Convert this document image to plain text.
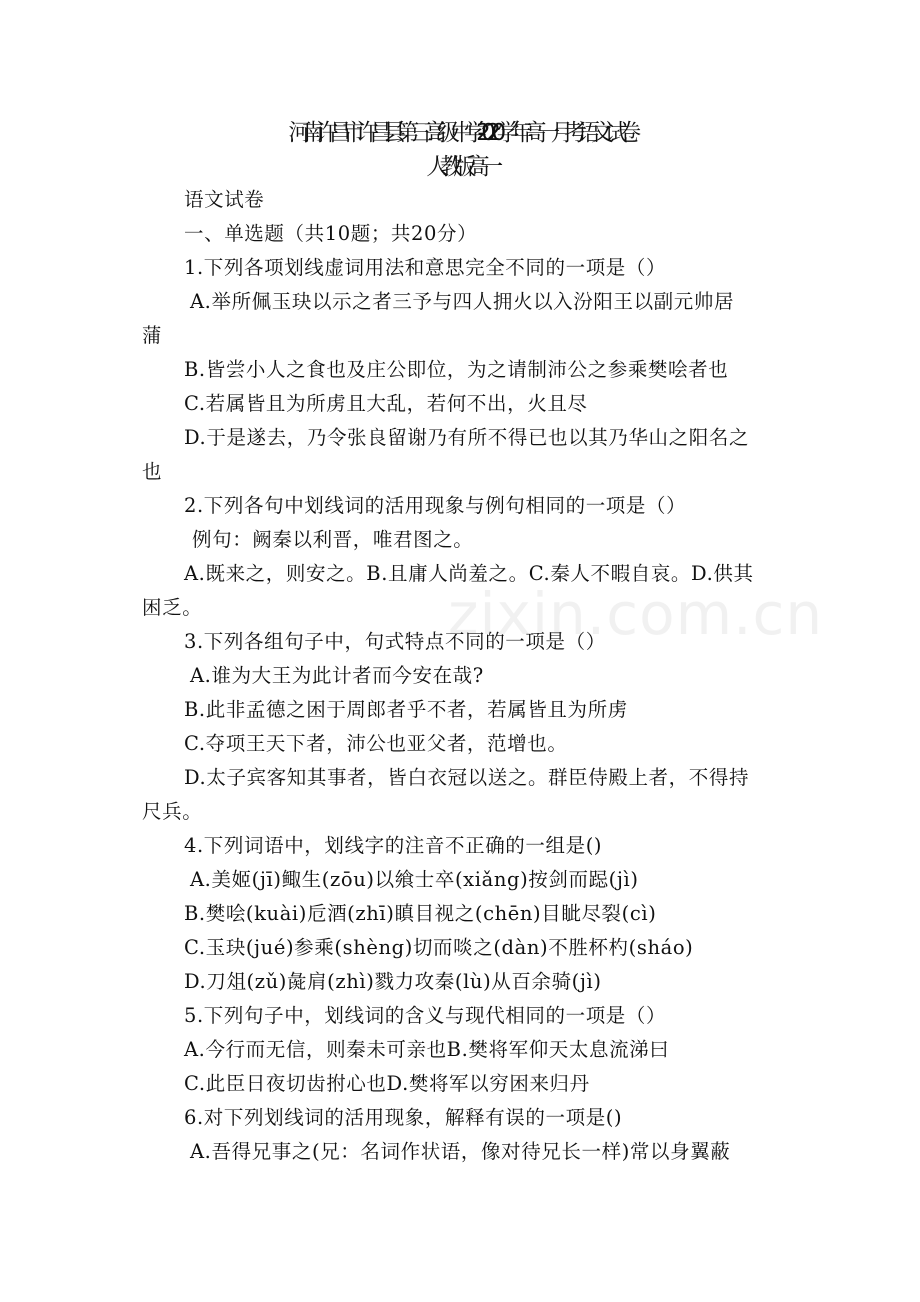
zixin.com.cn
河南许昌市许昌县第三高级中学-2020学年高一月考语文试卷
人教版高一
语文试卷
一、单选题（共10题；共20分）
1.下列各项划线虚词用法和意思完全不同的一项是（）
A.举所佩玉玦以示之者三予与四人拥火以入汾阳王以副元帅居
蒲
B.皆尝小人之食也及庄公即位，为之请制沛公之参乘樊哙者也
C.若属皆且为所虏且大乱，若何不出，火且尽
D.于是遂去，乃令张良留谢乃有所不得已也以其乃华山之阳名之
也
2.下列各句中划线词的活用现象与例句相同的一项是（）
例句：阙秦以利晋，唯君图之。
A.既来之，则安之。B.且庸人尚羞之。C.秦人不暇自哀。D.供其
困乏。
3.下列各组句子中，句式特点不同的一项是（）
A.谁为大王为此计者而今安在哉?
B.此非孟德之困于周郎者乎不者，若属皆且为所虏
C.夺项王天下者，沛公也亚父者，范增也。
D.太子宾客知其事者，皆白衣冠以送之。群臣侍殿上者，不得持
尺兵。
4.下列词语中，划线字的注音不正确的一组是()
A.美姬(jī)鲰生(zōu)以飨士卒(xiǎng)按剑而跽(jì)
B.樊哙(kuài)卮酒(zhī)瞋目视之(chēn)目眦尽裂(cì)
C.玉玦(jué)参乘(shèng)切而啖之(dàn)不胜杯杓(sháo)
D.刀俎(zǔ)彘肩(zhì)戮力攻秦(lù)从百余骑(jì)
5.下列句子中，划线词的含义与现代相同的一项是（）
A.今行而无信，则秦未可亲也B.樊将军仰天太息流涕曰
C.此臣日夜切齿拊心也D.樊将军以穷困来归丹
6.对下列划线词的活用现象，解释有误的一项是()
A.吾得兄事之(兄：名词作状语，像对待兄长一样)常以身翼蔽
